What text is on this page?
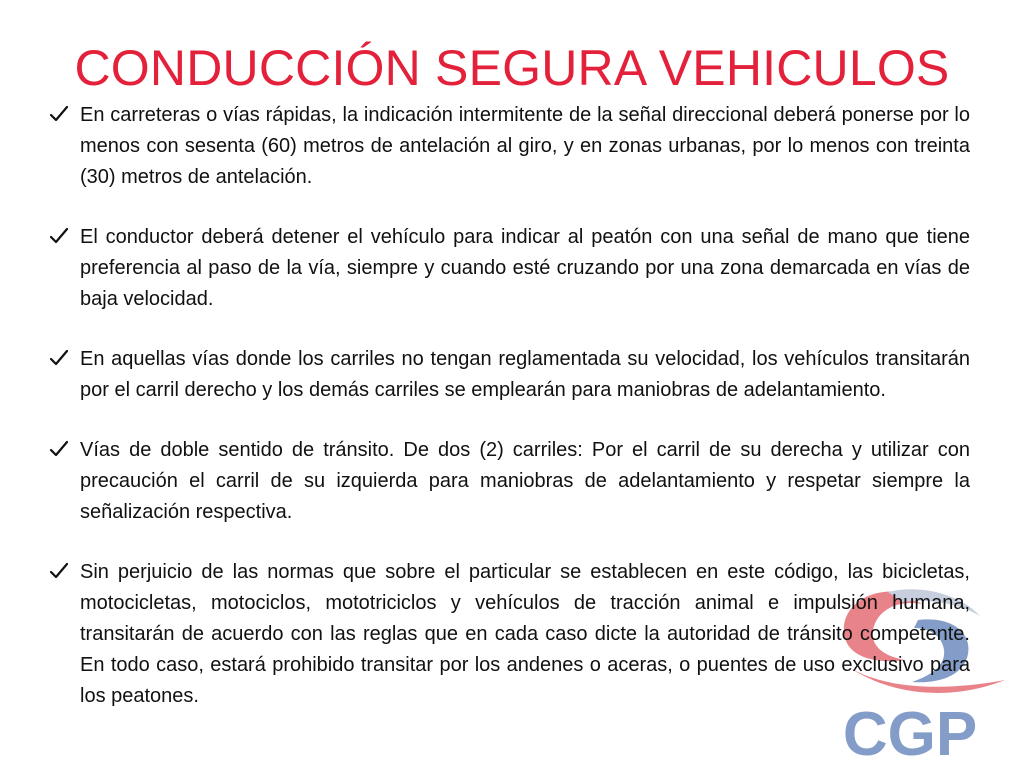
CGP
CONDUCCIÓN SEGURA VEHICULOS
En carreteras o vías rápidas, la indicación intermitente de la señal direccional deberá ponerse por lo menos con sesenta (60) metros de antelación al giro, y en zonas urbanas, por lo menos con treinta (30) metros de antelación.
El conductor deberá detener el vehículo para indicar al peatón con una señal de mano que tiene preferencia al paso de la vía, siempre y cuando esté cruzando por una zona demarcada en vías de baja velocidad.
En aquellas vías donde los carriles no tengan reglamentada su velocidad, los vehículos transitarán por el carril derecho y los demás carriles se emplearán para maniobras de adelantamiento.
Vías de doble sentido de tránsito. De dos (2) carriles: Por el carril de su derecha y utilizar con precaución el carril de su izquierda para maniobras de adelantamiento y respetar siempre la señalización respectiva.
Sin perjuicio de las normas que sobre el particular se establecen en este código, las bicicletas, motocicletas, motociclos, mototriciclos y vehículos de tracción animal e impulsión humana, transitarán de acuerdo con las reglas que en cada caso dicte la autoridad de tránsito competente. En todo caso, estará prohibido transitar por los andenes o aceras, o puentes de uso exclusivo para los peatones.
